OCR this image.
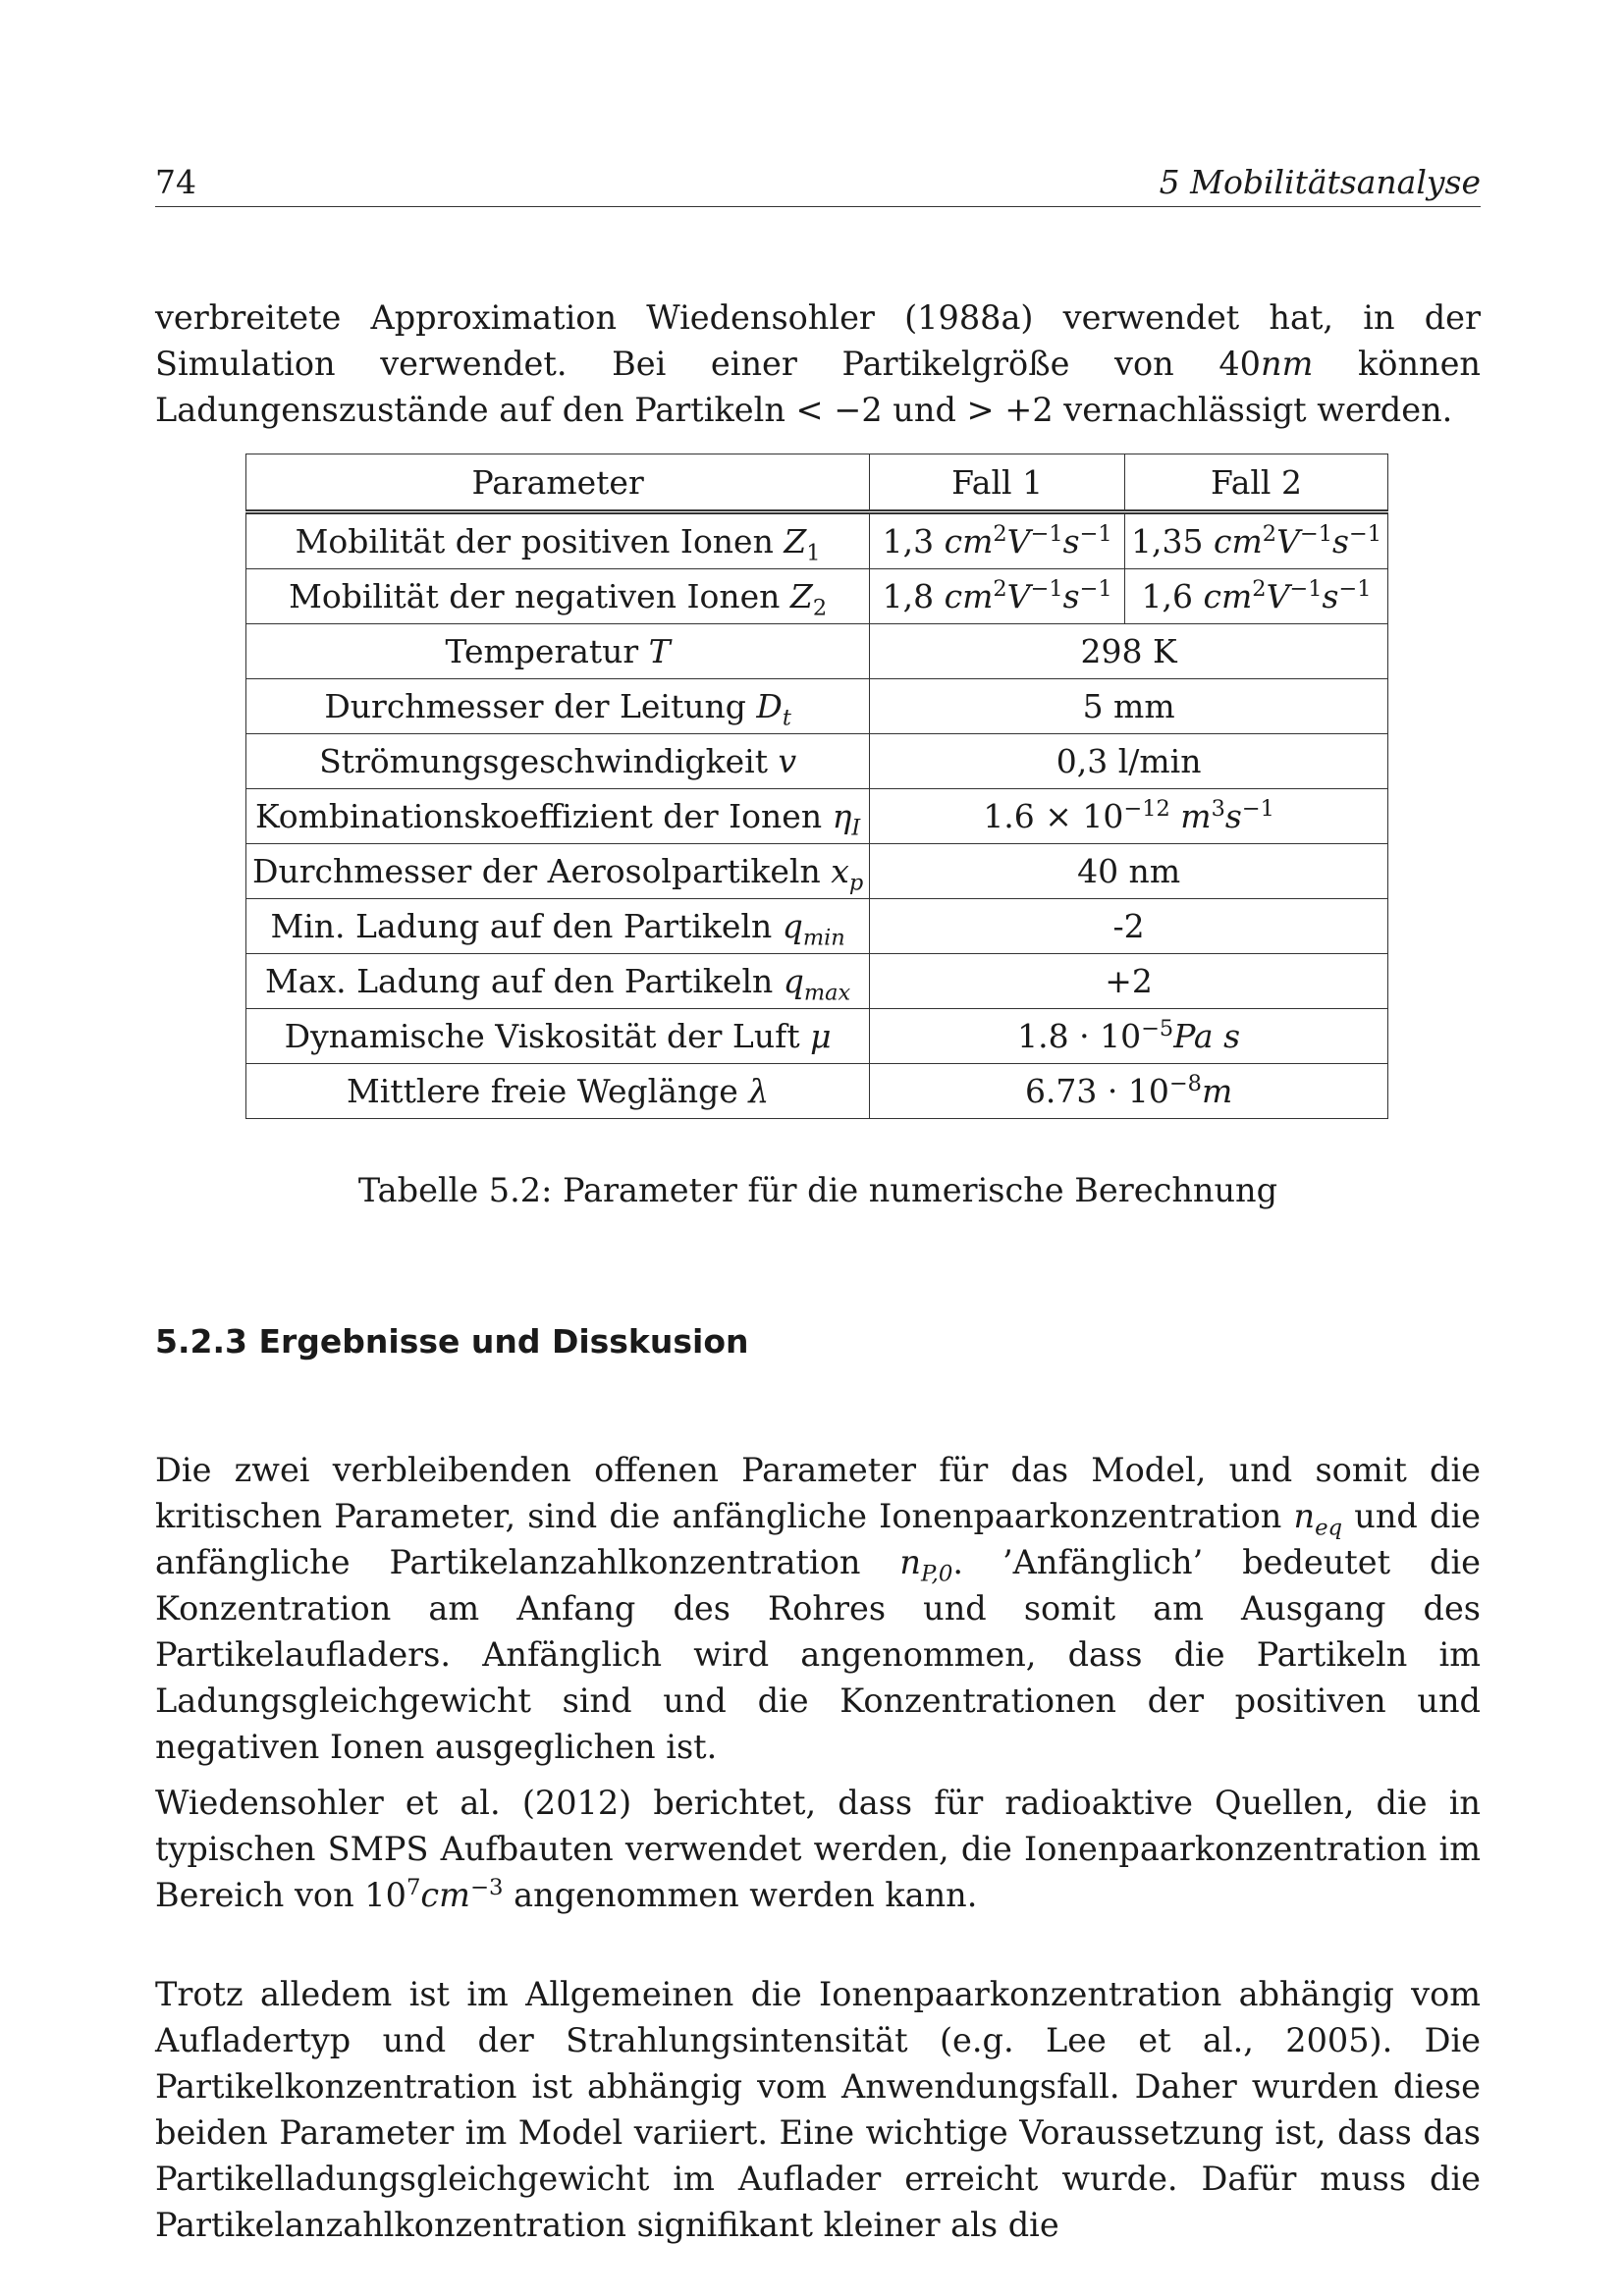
74	5 Mobilitätsanalyse

verbreitete Approximation Wiedensohler (1988a) verwendet hat, in der Simulation verwendet. Bei einer Partikelgröße von 40nm können Ladungenszustände auf den Partikeln < −2 und > +2 vernachlässigt werden.

Parameter	Fall 1	Fall 2
Mobilität der positiven Ionen $Z_1$	1,3 $cm^2V^{-1}s^{-1}$	1,35 $cm^2V^{-1}s^{-1}$
Mobilität der negativen Ionen $Z_2$	1,8 $cm^2V^{-1}s^{-1}$	1,6 $cm^2V^{-1}s^{-1}$
Temperatur T	298 K	
Durchmesser der Leitung $D_t$	5 mm	
Strömungsgeschwindigkeit v	0,3 l/min	
Kombinationskoeffizient der Ionen $\eta_I$	$1.6 \times 10^{-12}$ $m^3s^{-1}$
Durchmesser der Aerosolpartikeln $x_p$	40 nm	
Min. Ladung auf den Partikeln $q_{min}$	-2	
Max. Ladung auf den Partikeln $q_{max}$	+2	
Dynamische Viskosität der Luft μ	$1.8 \cdot 10^{-5}Pa$ s	
Mittlere freie Weglänge λ	$6.73 \cdot 10^{-8}m$	
Tabelle 5.2: Parameter für die numerische Berechnung
5.2.3 Ergebnisse und Disskusion

Die zwei verbleibenden offenen Parameter für das Model, und somit die kritischen Parameter, sind die anfängliche Ionenpaarkonzentration $n_{eq}$ und die anfängliche Partikelanzahlkonzentration $n_{P,0}$. ’Anfänglich’ bedeutet die Konzentration am Anfang des Rohres und somit am Ausgang des Partikelaufladers. Anfänglich wird angenommen, dass die Partikeln im Ladungsgleichgewicht sind und die Konzentrationen der positiven und negativen Ionen ausgeglichen ist.

Wiedensohler et al. (2012) berichtet, dass für radioaktive Quellen, die in typischen SMPS Aufbauten verwendet werden, die Ionenpaarkonzentration im Bereich von $10^7cm^{-3}$ angenommen werden kann.

Trotz alledem ist im Allgemeinen die Ionenpaarkonzentration abhängig vom Aufladertyp und der Strahlungsintensität (e.g. Lee et al., 2005). Die Partikelkonzentration ist abhängig vom Anwendungsfall. Daher wurden diese beiden Parameter im Model variiert. Eine wichtige Voraussetzung ist, dass das Partikelladungsgleichgewicht im Auflader erreicht wurde. Dafür muss die Partikelanzahlkonzentration signifikant kleiner als die
